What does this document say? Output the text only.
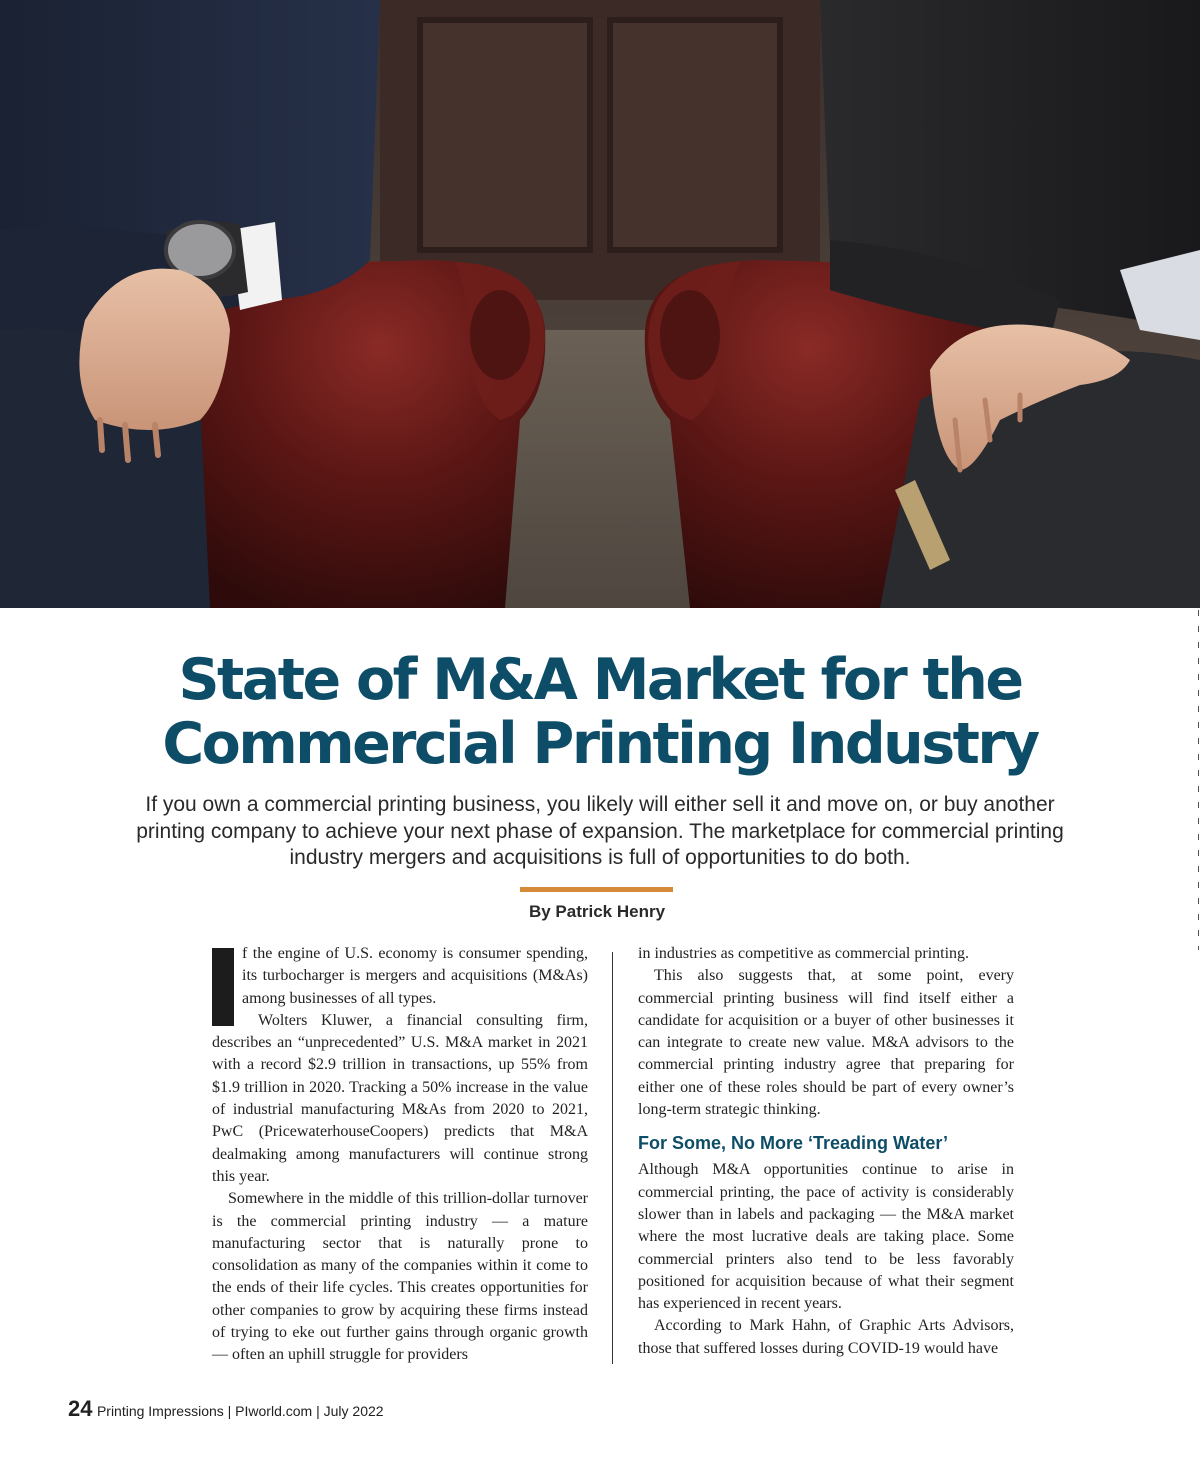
State of M&A Market for the
Commercial Printing Industry

If you own a commercial printing business, you likely will either sell it and move on, or buy another printing company to achieve your next phase of expansion. The marketplace for commercial printing industry mergers and acquisitions is full of opportunities to do both.

By Patrick Henry

f the engine of U.S. economy is consumer spending, its turbocharger is mergers and acquisitions (M&As) among businesses of all types.

Wolters Kluwer, a financial consulting firm, describes an “unprecedented” U.S. M&A market in 2021 with a record $2.9 trillion in transactions, up 55% from $1.9 trillion in 2020. Tracking a 50% increase in the value of industrial manufacturing M&As from 2020 to 2021, PwC (PricewaterhouseCoopers) predicts that M&A dealmaking among manufacturers will continue strong this year.

Somewhere in the middle of this trillion-dollar turnover is the commercial printing industry — a mature manufacturing sector that is naturally prone to consolidation as many of the companies within it come to the ends of their life cycles. This creates opportunities for other companies to grow by acquiring these firms instead of trying to eke out further gains through organic growth — often an uphill struggle for providers

in industries as competitive as commercial printing.

This also suggests that, at some point, every commercial printing business will find itself either a candidate for acquisition or a buyer of other businesses it can integrate to create new value. M&A advisors to the commercial printing industry agree that preparing for either one of these roles should be part of every owner’s long-term strategic thinking.

For Some, No More ‘Treading Water’

Although M&A opportunities continue to arise in commercial printing, the pace of activity is considerably slower than in labels and packaging — the M&A market where the most lucrative deals are taking place. Some commercial printers also tend to be less favorably positioned for acquisition because of what their segment has experienced in recent years.

According to Mark Hahn, of Graphic Arts Advisors, those that suffered losses during COVID-19 would have

24 Printing Impressions | PIworld.com | July 2022
